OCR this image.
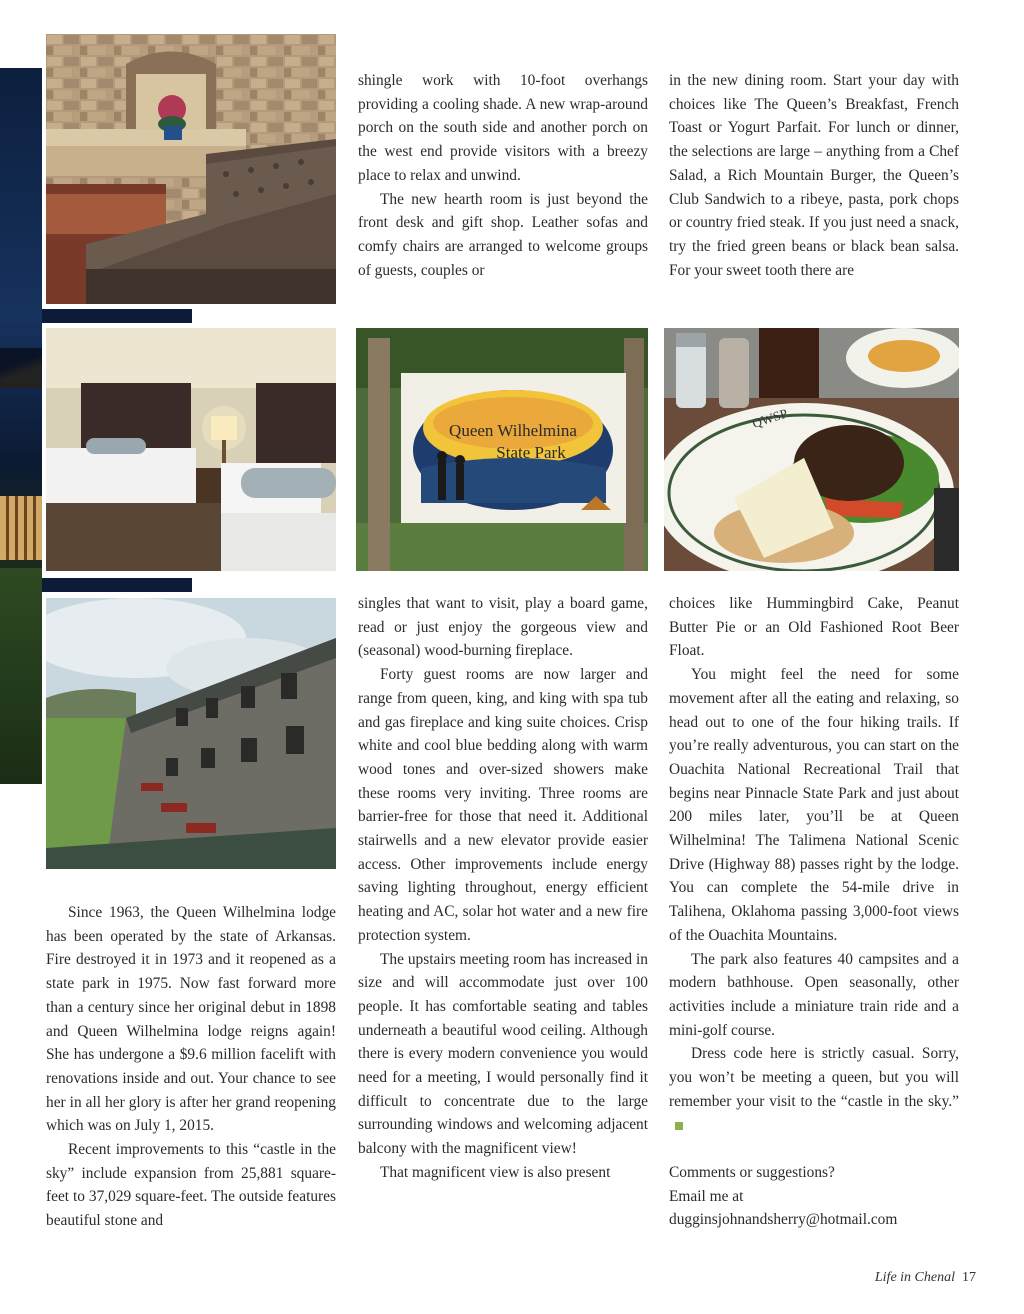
Queen Wilhelmina
State Park
QWSP

Since 1963, the Queen Wilhelmina lodge has been operated by the state of Arkansas. Fire destroyed it in 1973 and it reopened as a state park in 1975. Now fast forward more than a century since her original debut in 1898 and Queen Wilhelmina lodge reigns again! She has undergone a $9.6 million facelift with renovations inside and out. Your chance to see her in all her glory is after her grand reopening which was on July 1, 2015.

Recent improvements to this “castle in the sky” include expansion from 25,881 square-feet to 37,029 square-feet. The outside features beautiful stone and

shingle work with 10-foot overhangs providing a cooling shade. A new wrap-around porch on the south side and another porch on the west end provide visitors with a breezy place to relax and unwind.

The new hearth room is just beyond the front desk and gift shop. Leather sofas and comfy chairs are arranged to welcome groups of guests, couples or

in the new dining room. Start your day with choices like The Queen’s Breakfast, French Toast or Yogurt Parfait. For lunch or dinner, the selections are large – anything from a Chef Salad, a Rich Mountain Burger, the Queen’s Club Sandwich to a ribeye, pasta, pork chops or country fried steak. If you just need a snack, try the fried green beans or black bean salsa. For your sweet tooth there are

singles that want to visit, play a board game, read or just enjoy the gorgeous view and (seasonal) wood-burning fireplace.

Forty guest rooms are now larger and range from queen, king, and king with spa tub and gas fireplace and king suite choices. Crisp white and cool blue bedding along with warm wood tones and over-sized showers make these rooms very inviting. Three rooms are barrier-free for those that need it. Additional stairwells and a new elevator provide easier access. Other improvements include energy saving lighting throughout, energy efficient heating and AC, solar hot water and a new fire protection system.

The upstairs meeting room has increased in size and will accommodate just over 100 people. It has comfortable seating and tables underneath a beautiful wood ceiling. Although there is every modern convenience you would need for a meeting, I would personally find it difficult to concentrate due to the large surrounding windows and welcoming adjacent balcony with the magnificent view!

That magnificent view is also present

choices like Hummingbird Cake, Peanut Butter Pie or an Old Fashioned Root Beer Float.

You might feel the need for some movement after all the eating and relaxing, so head out to one of the four hiking trails. If you’re really adventurous, you can start on the Ouachita National Recreational Trail that begins near Pinnacle State Park and just about 200 miles later, you’ll be at Queen Wilhelmina! The Talimena National Scenic Drive (Highway 88) passes right by the lodge. You can complete the 54-mile drive in Talihena, Oklahoma passing 3,000-foot views of the Ouachita Mountains.

The park also features 40 campsites and a modern bathhouse. Open seasonally, other activities include a miniature train ride and a mini-golf course.

Dress code here is strictly casual. Sorry, you won’t be meeting a queen, but you will remember your visit to the “castle in the sky.”

Comments or suggestions?

Email me at

dugginsjohnandsherry@hotmail.com

Life in Chenal 17
